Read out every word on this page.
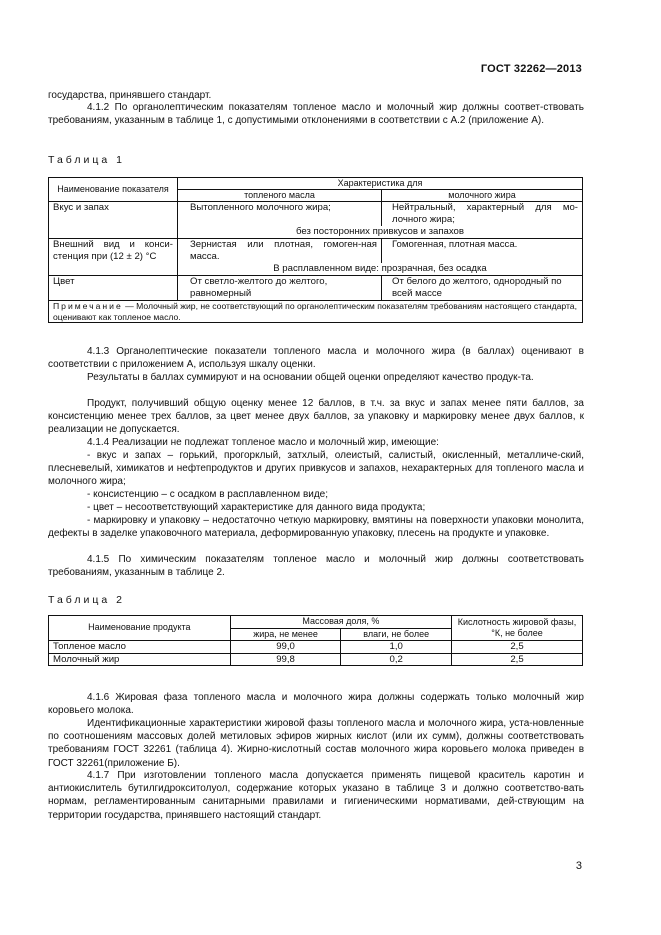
ГОСТ 32262—2013

государства, принявшего стандарт.

4.1.2 По органолептическим показателям топленое масло и молочный жир должны соответ-ствовать требованиям, указанным в таблице 1, с допустимыми отклонениями в соответствии с А.2 (приложение А).

Таблица 1
Наименование показателя	Характеристика для	
	топленого масла	молочного жира
Вкус и запах	Вытопленного молочного жира;	Нейтральный, характерный для мо-лочного жира;
	без посторонних привкусов и запахов	
Внешний вид и конси-стенция при (12 ± 2) °С	Зернистая или плотная, гомоген-ная масса.	Гомогенная, плотная масса.
	В расплавленном виде: прозрачная, без осадка	
Цвет	От светло-желтого до желтого, равномерный	От белого до желтого, однородный по всей массе
Примечание — Молочный жир, не соответствующий по органолептическим показателям требованиям настоящего стандарта, оценивают как топленое масло.		

4.1.3 Органолептические показатели топленого масла и молочного жира (в баллах) оценивают в соответствии с приложением А, используя шкалу оценки.

Результаты в баллах суммируют и на основании общей оценки определяют качество продук-та.

Продукт, получивший общую оценку менее 12 баллов, в т.ч. за вкус и запах менее пяти баллов, за консистенцию менее трех баллов, за цвет менее двух баллов, за упаковку и маркировку менее двух баллов, к реализации не допускается.

4.1.4 Реализации не подлежат топленое масло и молочный жир, имеющие:

- вкус и запах – горький, прогорклый, затхлый, олеистый, салистый, окисленный, металличе-ский, плесневелый, химикатов и нефтепродуктов и других привкусов и запахов, нехарактерных для топленого масла и молочного жира;

- консистенцию – с осадком в расплавленном виде;

- цвет – несоответствующий характеристике для данного вида продукта;

- маркировку и упаковку – недостаточно четкую маркировку, вмятины на поверхности упаковки монолита, дефекты в заделке упаковочного материала, деформированную упаковку, плесень на продукте и упаковке.

4.1.5 По химическим показателям топленое масло и молочный жир должны соответствовать требованиям, указанным в таблице 2.

Таблица 2
Наименование продукта	Массовая доля, %		Кислотность жировой фазы, °К, не более
	жира, не менее	влаги, не более	
Топленое масло	99,0	1,0	2,5
Молочный жир	99,8	0,2	2,5

4.1.6 Жировая фаза топленого масла и молочного жира должны содержать только молочный жир коровьего молока.

Идентификационные характеристики жировой фазы топленого масла и молочного жира, уста-новленные по соотношениям массовых долей метиловых эфиров жирных кислот (или их сумм), должны соответствовать требованиям ГОСТ 32261 (таблица 4). Жирно-кислотный состав молочного жира коровьего молока приведен в ГОСТ 32261(приложение Б).

4.1.7 При изготовлении топленого масла допускается применять пищевой краситель каротин и антиокислитель бутилгидрокситолуол, содержание которых указано в таблице 3 и должно соответство-вать нормам, регламентированным санитарными правилами и гигиеническими нормативами, дей-ствующим на территории государства, принявшего настоящий стандарт.

3
